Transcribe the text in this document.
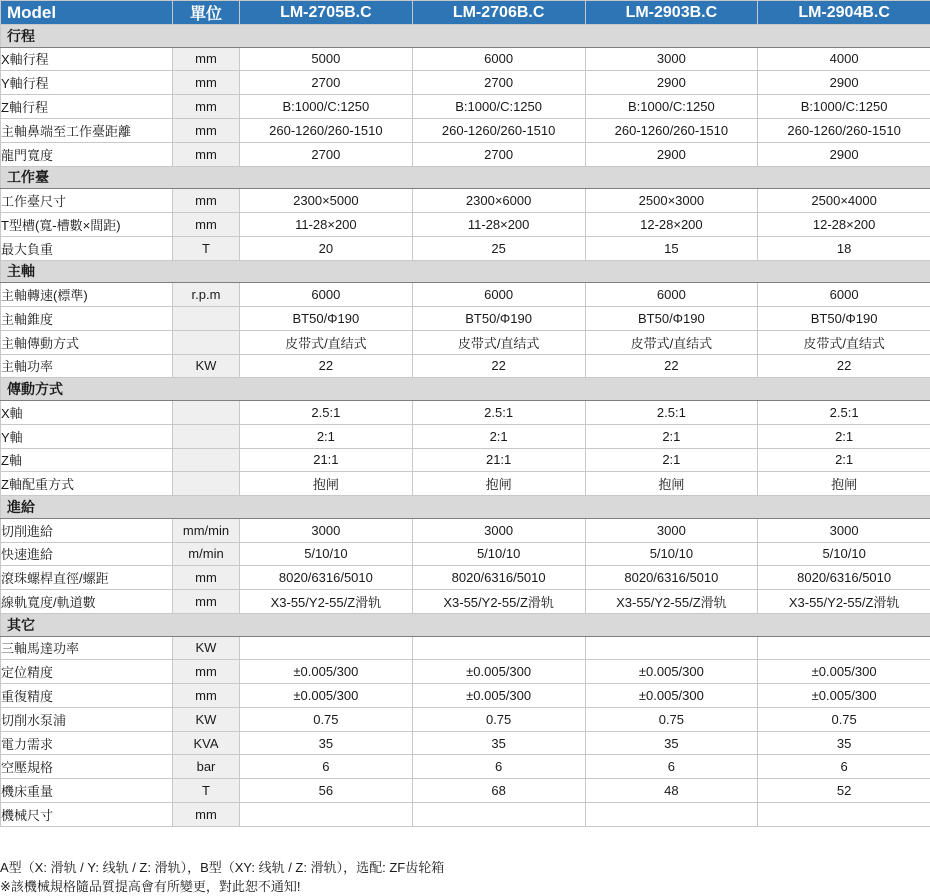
Model	單位	LM-2705B.C	LM-2706B.C	LM-2903B.C	LM-2904B.C
行程					
X軸行程	mm	5000	6000	3000	4000
Y軸行程	mm	2700	2700	2900	2900
Z軸行程	mm	B:1000/C:1250	B:1000/C:1250	B:1000/C:1250	B:1000/C:1250
主軸鼻端至工作臺距離	mm	260-1260/260-1510	260-1260/260-1510	260-1260/260-1510	260-1260/260-1510
龍門寬度	mm	2700	2700	2900	2900
工作臺					
工作臺尺寸	mm	2300×5000	2300×6000	2500×3000	2500×4000
T型槽(寬-槽數×間距)	mm	11-28×200	11-28×200	12-28×200	12-28×200
最大負重	T	20	25	15	18
主軸					
主軸轉速(標準)	r.p.m	6000	6000	6000	6000
主軸錐度		BT50/Φ190	BT50/Φ190	BT50/Φ190	BT50/Φ190
主軸傳動方式		皮带式/直结式	皮带式/直结式	皮带式/直结式	皮带式/直结式
主軸功率	KW	22	22	22	22
傳動方式					
X軸		2.5:1	2.5:1	2.5:1	2.5:1
Y軸		2:1	2:1	2:1	2:1
Z軸		21:1	21:1	2:1	2:1
Z軸配重方式		抱闸	抱闸	抱闸	抱闸
進給					
切削進給	mm/min	3000	3000	3000	3000
快速進給	m/min	5/10/10	5/10/10	5/10/10	5/10/10
滾珠螺桿直徑/螺距	mm	8020/6316/5010	8020/6316/5010	8020/6316/5010	8020/6316/5010
線軌寬度/軌道數	mm	X3-55/Y2-55/Z滑轨	X3-55/Y2-55/Z滑轨	X3-55/Y2-55/Z滑轨	X3-55/Y2-55/Z滑轨
其它					
三軸馬達功率	KW				
定位精度	mm	±0.005/300	±0.005/300	±0.005/300	±0.005/300
重復精度	mm	±0.005/300	±0.005/300	±0.005/300	±0.005/300
切削水泵浦	KW	0.75	0.75	0.75	0.75
電力需求	KVA	35	35	35	35
空壓規格	bar	6	6	6	6
機床重量	T	56	68	48	52
機械尺寸	mm				
A型（X: 滑轨 / Y: 线轨 / Z: 滑轨），B型（XY: 线轨 / Z: 滑轨），选配: ZF齿轮箱
※該機械規格隨品質提高會有所變更，對此恕不通知!
